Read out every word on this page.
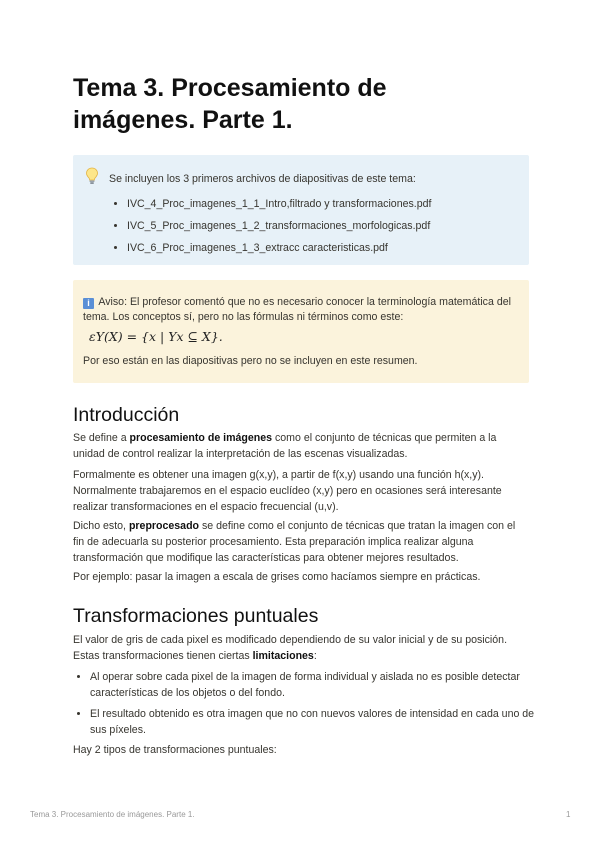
Tema 3. Procesamiento de imágenes. Parte 1.

Se incluyen los 3 primeros archivos de diapositivas de este tema:

• IVC_4_Proc_imagenes_1_1_Intro,filtrado y transformaciones.pdf
• IVC_5_Proc_imagenes_1_2_transformaciones_morfologicas.pdf
• IVC_6_Proc_imagenes_1_3_extracc caracteristicas.pdf

i Aviso: El profesor comentó que no es necesario conocer la terminología matemática del tema. Los conceptos sí, pero no las fórmulas ni términos como este:

εY(X) = {x | Yx ⊆ X}.

Por eso están en las diapositivas pero no se incluyen en este resumen.

Introducción

Se define a procesamiento de imágenes como el conjunto de técnicas que permiten a la unidad de control realizar la interpretación de las escenas visualizadas.

Formalmente es obtener una imagen g(x,y), a partir de f(x,y) usando una función h(x,y). Normalmente trabajaremos en el espacio euclídeo (x,y) pero en ocasiones será interesante realizar transformaciones en el espacio frecuencial (u,v).

Dicho esto, preprocesado se define como el conjunto de técnicas que tratan la imagen con el fin de adecuarla su posterior procesamiento. Esta preparación implica realizar alguna transformación que modifique las características para obtener mejores resultados.

Por ejemplo: pasar la imagen a escala de grises como hacíamos siempre en prácticas.

Transformaciones puntuales

El valor de gris de cada pixel es modificado dependiendo de su valor inicial y de su posición. Estas transformaciones tienen ciertas limitaciones:

• Al operar sobre cada pixel de la imagen de forma individual y aislada no es posible detectar características de los objetos o del fondo.
• El resultado obtenido es otra imagen que no con nuevos valores de intensidad en cada uno de sus píxeles.

Hay 2 tipos de transformaciones puntuales:

Tema 3. Procesamiento de imágenes. Parte 1.	1
